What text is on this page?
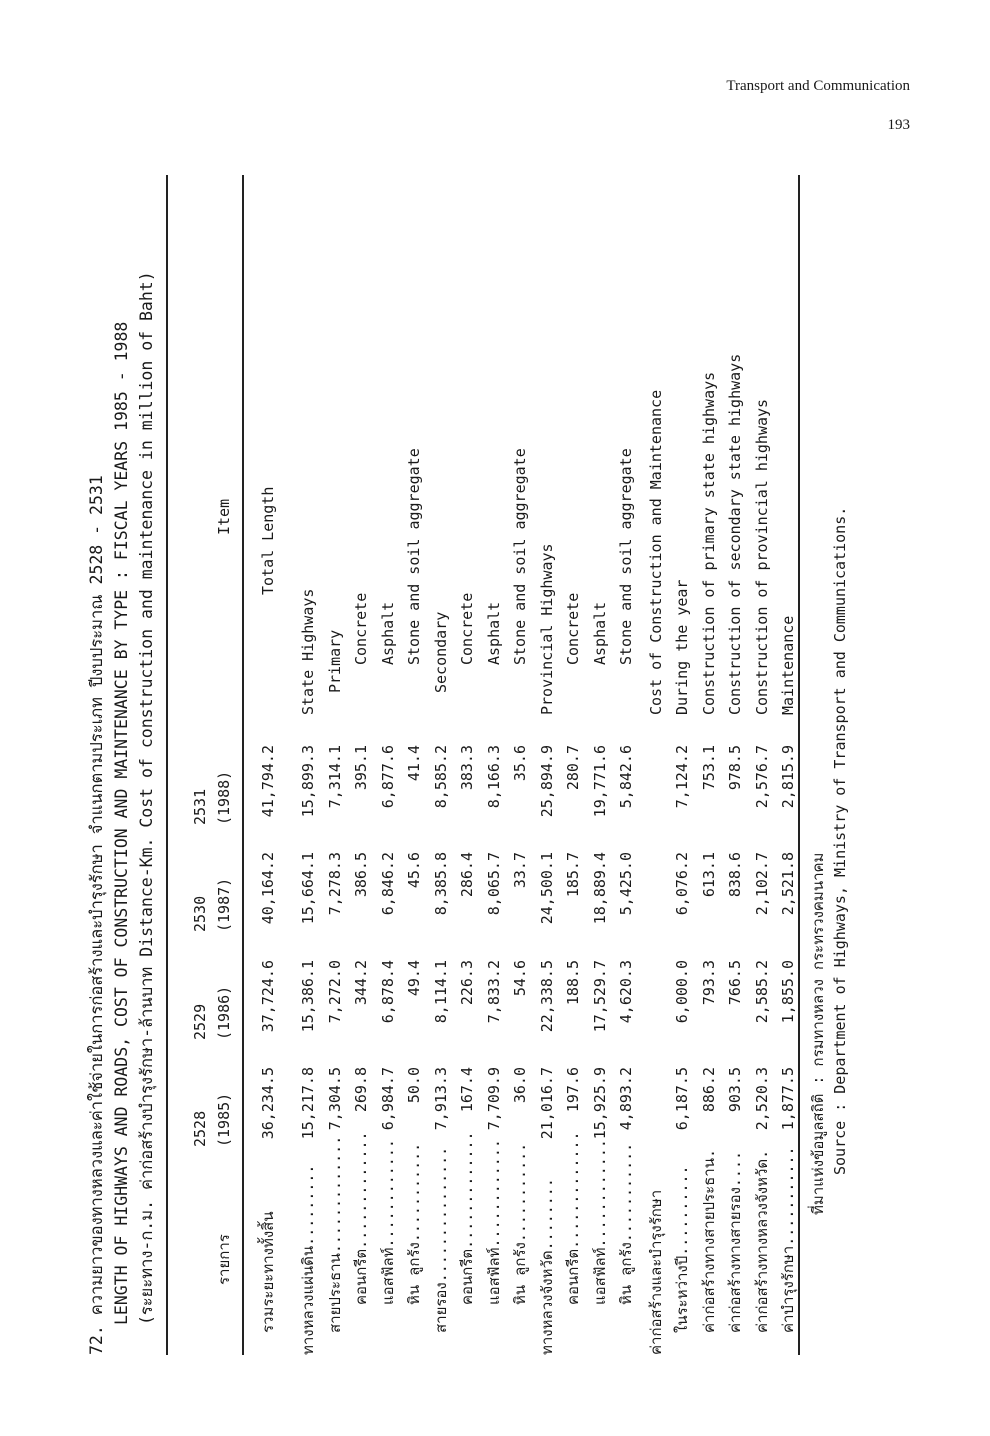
Transport and Communication
193
72. ความยาวของทางหลวงและค่าใช้จ่ายในการก่อสร้างและบำรุงรักษา จำแนกตามประเภท ปีงบประมาณ 2528 - 2531 LENGTH OF HIGHWAYS AND ROADS, COST OF CONSTRUCTION AND MAINTENANCE BY TYPE : FISCAL YEARS 1985 - 1988 (ระยะทาง-ก.ม. ค่าก่อสร้างบำรุงรักษา-ล้านบาท Distance-Km. Cost of construction and maintenance in million of Baht) 2528
2529
2530
2531
รายการ
(1985)
(1986)
(1987)
(1988)
Item
รวมระยะทางทั้งสิ้น
36,234.5
37,724.6
40,164.2
41,794.2
Total Length
ทางหลวงแผ่นดิน.........
15,217.8
15,386.1
15,664.1
15,899.3
State Highways
สายประธาน.............
7,304.5
7,272.0
7,278.3
7,314.1
Primary
คอนกรีต.............
269.8
344.2
386.5
395.1
Concrete
แอสฟัลท์............
6,984.7
6,878.4
6,846.2
6,877.6
Asphalt
หิน ลูกรัง...........
50.0
49.4
45.6
41.4
Stone and soil aggregate
สายรอง...............
7,913.3
8,114.1
8,385.8
8,585.2
Secondary
คอนกรีต.............
167.4
226.3
286.4
383.3
Concrete
แอสฟัลท์............
7,709.9
7,833.2
8,065.7
8,166.3
Asphalt
หิน ลูกรัง...........
36.0
54.6
33.7
35.6
Stone and soil aggregate
ทางหลวงจังหวัด........
21,016.7
22,338.5
24,500.1
25,894.9
Provincial Highways
คอนกรีต.............
197.6
188.5
185.7
280.7
Concrete
แอสฟัลท์............
15,925.9
17,529.7
18,889.4
19,771.6
Asphalt
หิน ลูกรัง...........
4,893.2
4,620.3
5,425.0
5,842.6
Stone and soil aggregate
ค่าก่อสร้างและบำรุงรักษา
Cost of Construction and Maintenance
ในระหว่างปี..........
6,187.5
6,000.0
6,076.2
7,124.2
During the year
ค่าก่อสร้างทางสายประธาน.
886.2
793.3
613.1
753.1
Construction of primary state highways
ค่าก่อสร้างทางสายรอง....
903.5
766.5
838.6
978.5
Construction of secondary state highways
ค่าก่อสร้างทางหลวงจังหวัด.
2,520.3
2,585.2
2,102.7
2,576.7
Construction of provincial highways
ค่าบำรุงรักษา...........
1,877.5
1,855.0
2,521.8
2,815.9
Maintenance
ที่มาแห่งข้อมูลสถิติ : กรมทางหลวง กระทรวงคมนาคม Source : Department of Highways, Ministry of Transport and Communications.
